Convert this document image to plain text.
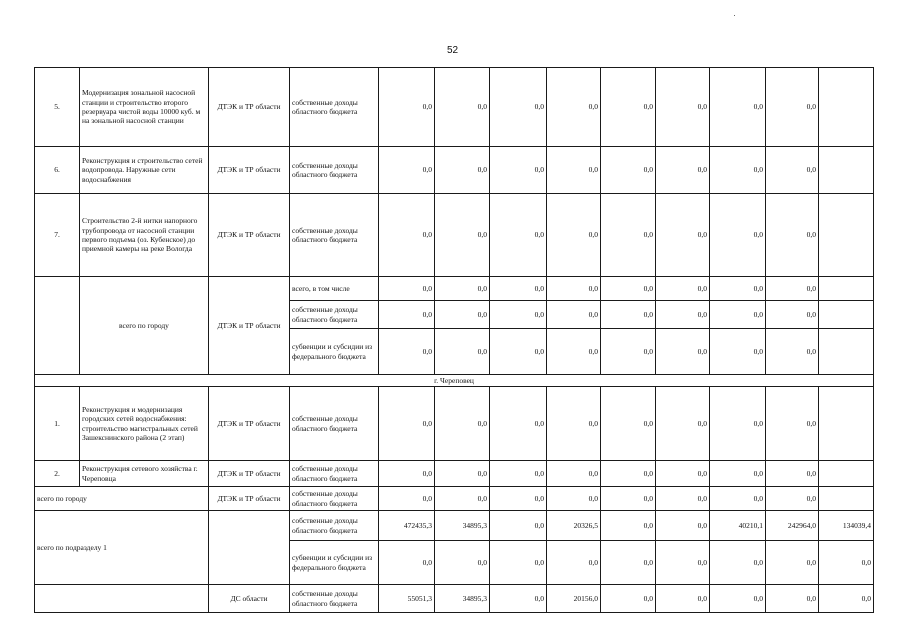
52
5.	Модернизация зональной насосной станции и строительство второго резервуара чистой воды 10000 куб. м на зональной насосной станции	ДТЭК и ТР области	собственные доходы областного бюджета	0,0	0,0	0,0	0,0	0,0	0,0	0,0	0,0	
6.	Реконструкция и строительство сетей водопровода. Наружные сети водоснабжения	ДТЭК и ТР области	собственные доходы областного бюджета	0,0	0,0	0,0	0,0	0,0	0,0	0,0	0,0	
7.	Строительство 2-й нитки напорного трубопровода от насосной станции первого подъема (оз. Кубенское) до приемной камеры на реке Вологда	ДТЭК и ТР области	собственные доходы областного бюджета	0,0	0,0	0,0	0,0	0,0	0,0	0,0	0,0	
	всего по городу	ДТЭК и ТР области	всего, в том числе	0,0	0,0	0,0	0,0	0,0	0,0	0,0	0,0	
			собственные доходы областного бюджета	0,0	0,0	0,0	0,0	0,0	0,0	0,0	0,0	
			субвенции и субсидии из федерального бюджета	0,0	0,0	0,0	0,0	0,0	0,0	0,0	0,0	
г. Череповец												
1.	Реконструкция и модернизация городских сетей водоснабжения: строительство магистральных сетей Зашекснинского района (2 этап)	ДТЭК и ТР области	собственные доходы областного бюджета	0,0	0,0	0,0	0,0	0,0	0,0	0,0	0,0	
2.	Реконструкция сетевого хозяйства г. Череповца	ДТЭК и ТР области	собственные доходы областного бюджета	0,0	0,0	0,0	0,0	0,0	0,0	0,0	0,0	
всего по городу		ДТЭК и ТР области	собственные доходы областного бюджета	0,0	0,0	0,0	0,0	0,0	0,0	0,0	0,0	
всего по подразделу 1			собственные доходы областного бюджета	472435,3	34895,3	0,0	20326,5	0,0	0,0	40210,1	242964,0	134039,4
			субвенции и субсидии из федерального бюджета	0,0	0,0	0,0	0,0	0,0	0,0	0,0	0,0	0,0
		ДС области	собственные доходы областного бюджета	55051,3	34895,3	0,0	20156,0	0,0	0,0	0,0	0,0	0,0
